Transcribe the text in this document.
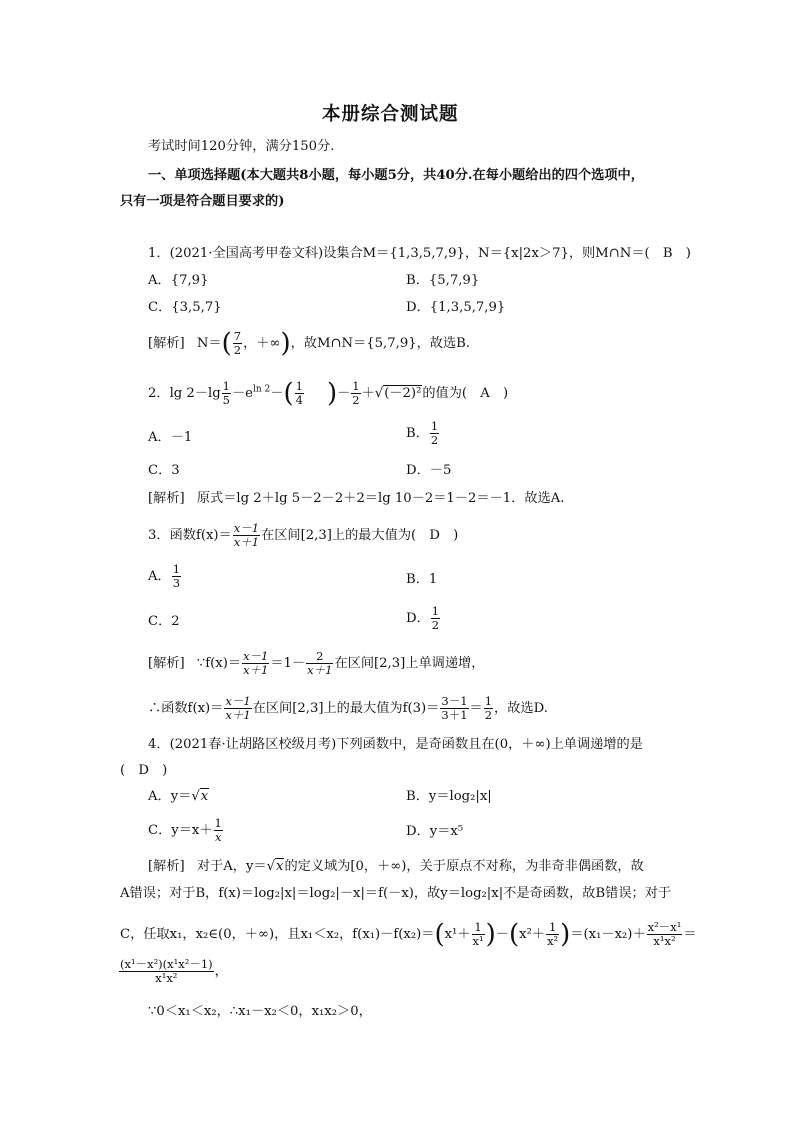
本册综合测试题
考试时间120分钟，满分150分.
一、单项选择题(本大题共8小题，每小题5分，共40分.在每小题给出的四个选项中，
只有一项是符合题目要求的)
1．(2021·全国高考甲卷文科)设集合M＝{1,3,5,7,9}，N＝{x|2x＞7}，则M∩N＝(　B　)
A．{7,9}	B．{5,7,9}
C．{3,5,7}	D．{1,3,5,7,9}
[解析] $N=( \frac{7}{2}$ ，＋∞)，故M∩N＝{5,7,9}，故选B.
2．$\lg 2-\lg \frac{1}{5} -e^{ln 2}-( \frac{1}{4}$ )－ $\frac{1}{2} +√(-2)^2$的值为(　A　)
A．－1	B． $\frac{1}{2}$
C．3	D．－5
[解析] 原式＝lg 2＋lg 5－2－2＋2＝lg 10－2＝1－2＝－1．故选A.
3．函数$f(x)= \frac{x-1}{x+1}$ 在区间[2,3]上的最大值为(　D　)
A． $\frac{1}{3}$	B．1
C．2	D． $\frac{1}{2}$
[解析] ∵f(x)＝ $\frac{x-1}{x+1} =1- \frac{2}{x+1}$ 在区间[2,3]上单调递增，
∴函数$f(x)= \frac{x-1}{x+1}$ 在区间[2,3]上的最大值为$f(3)= \frac{3-1}{3+1} = \frac{1}{2}$ ，故选D.
4．(2021春·让胡路区校级月考)下列函数中，是奇函数且在(0，＋∞)上单调递增的是
(　D　)
A．y＝√x	B．y＝log₂|x|
C．$y=x+ \frac{1}{x}$	D．y＝x⁵
[解析] 对于A，y＝√x的定义域为[0，＋∞)，关于原点不对称，为非奇非偶函数，故
A错误；对于B，f(x)＝log₂|x|＝log₂|－x|＝f(－x)，故y＝log₂|x|不是奇函数，故B错误；对于
C，任取x₁，x₂∈(0，＋∞)，且x₁＜x₂，$f(x_1)-f(x_2)=(x^1+ \frac{1}{\text{x¹}} )-(x^2+ \frac{1}{\text{x²}} )=(x_1-x_2)+ \frac{\text{x²－x¹}}{\text{x¹x²}}$ ＝
$\frac{\text{(x¹－x²)(x¹x²－1)}}{\text{x¹x²}}$ ，
∵0＜x₁＜x₂，∴x₁－x₂＜0，x₁x₂＞0，
